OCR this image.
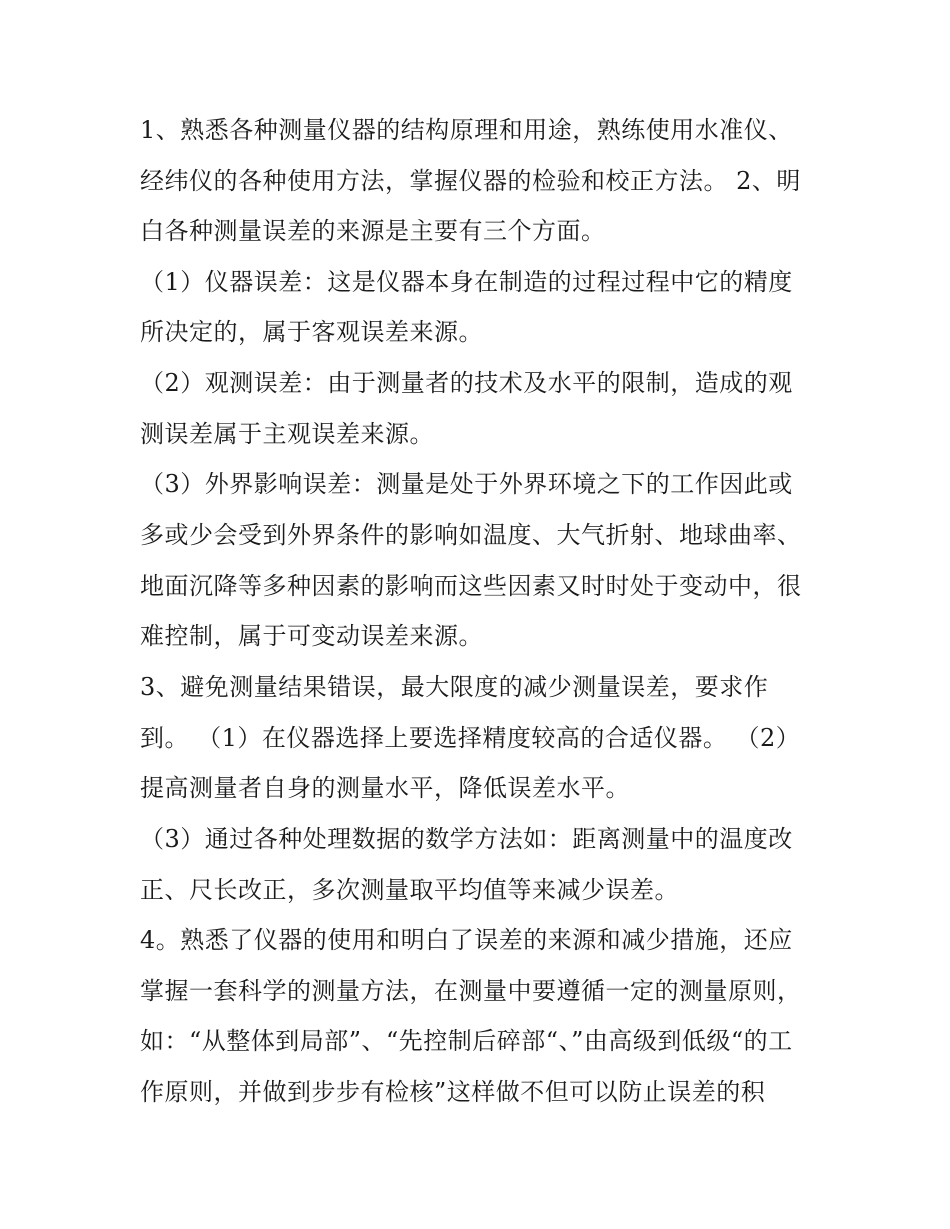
1、熟悉各种测量仪器的结构原理和用途，熟练使用水准仪、
经纬仪的各种使用方法，掌握仪器的检验和校正方法。 2、明
白各种测量误差的来源是主要有三个方面。
（1）仪器误差：这是仪器本身在制造的过程过程中它的精度
所决定的，属于客观误差来源。
（2）观测误差：由于测量者的技术及水平的限制，造成的观
测误差属于主观误差来源。
（3）外界影响误差：测量是处于外界环境之下的工作因此或
多或少会受到外界条件的影响如温度、大气折射、地球曲率、
地面沉降等多种因素的影响而这些因素又时时处于变动中，很
难控制，属于可变动误差来源。
3、避免测量结果错误，最大限度的减少测量误差，要求作
到。 （1）在仪器选择上要选择精度较高的合适仪器。 （2）
提高测量者自身的测量水平，降低误差水平。
（3）通过各种处理数据的数学方法如：距离测量中的温度改
正、尺长改正，多次测量取平均值等来减少误差。
4。熟悉了仪器的使用和明白了误差的来源和减少措施，还应
掌握一套科学的测量方法，在测量中要遵循一定的测量原则，
如：“从整体到局部”、“先控制后碎部“、”由高级到低级“的工
作原则，并做到步步有检核”这样做不但可以防止误差的积
